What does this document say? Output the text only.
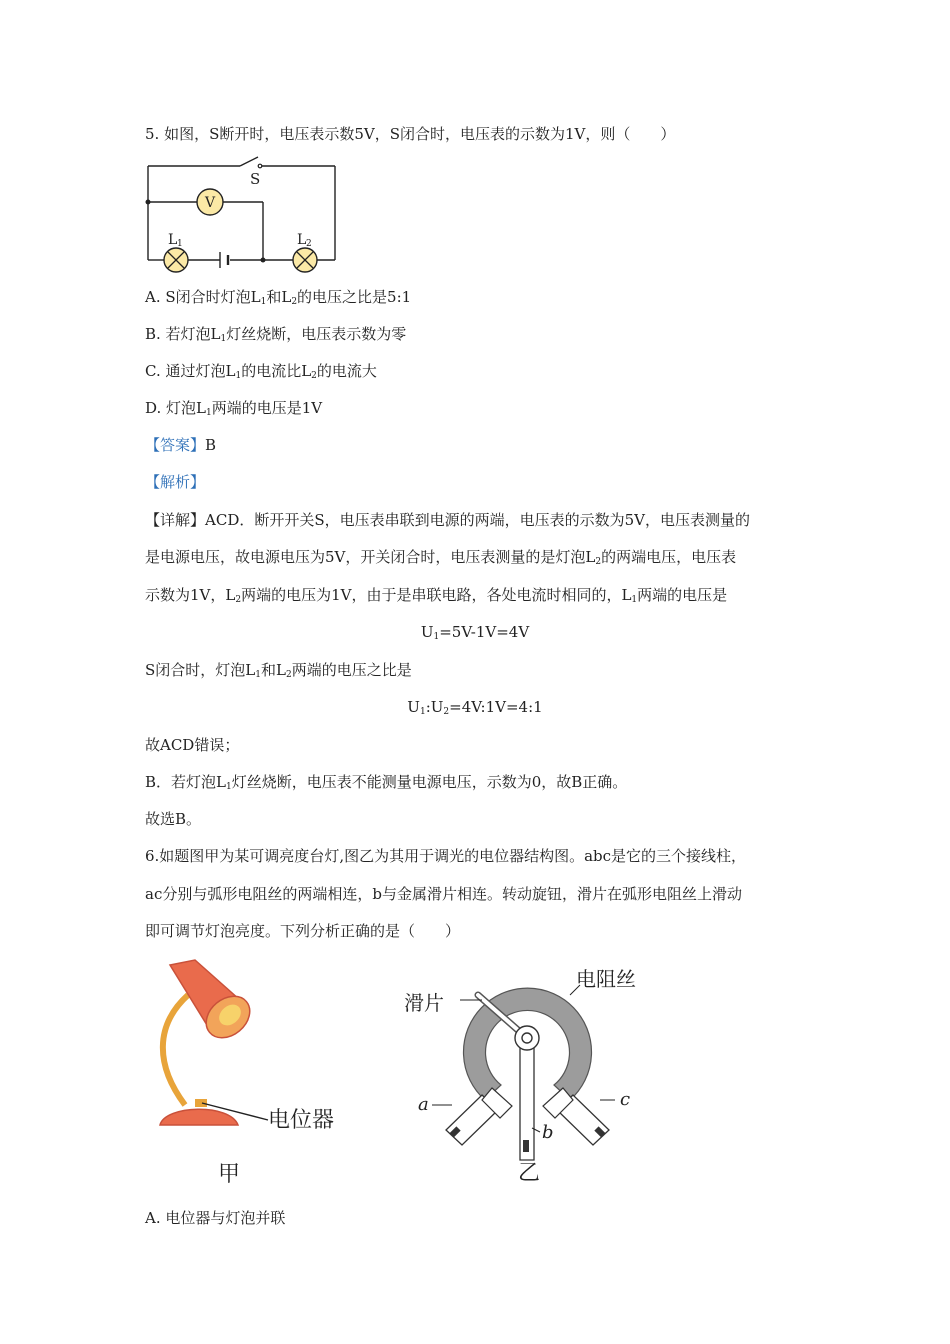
5. 如图，S断开时，电压表示数5V，S闭合时，电压表的示数为1V，则（　　）
V
S
L 1	L 2
A. S闭合时灯泡$L_1$和$L_2$的电压之比是5:1
B. 若灯泡$L_1$灯丝烧断，电压表示数为零
C. 通过灯泡$L_1$的电流比$L_2$的电流大
D. 灯泡$L_1$两端的电压是1V
【答案】B
【解析】
【详解】ACD．断开开关S，电压表串联到电源的两端，电压表的示数为5V，电压表测量的
是电源电压，故电源电压为5V，开关闭合时，电压表测量的是灯泡$L_2$的两端电压，电压表
示数为1V，$L_2$两端的电压为1V，由于是串联电路，各处电流时相同的，$L_1$两端的电压是
$U_1=5V-1V=4V$
S闭合时，灯泡$L_1$和$L_2$两端的电压之比是
$U_1:U_2=4V:1V=4:1$
故ACD错误；
B．若灯泡$L_1$灯丝烧断，电压表不能测量电源电压，示数为0，故B正确。
故选B。
6.如题图甲为某可调亮度台灯,图乙为其用于调光的电位器结构图。abc是它的三个接线柱，
ac分别与弧形电阻丝的两端相连，b与金属滑片相连。转动旋钮，滑片在弧形电阻丝上滑动
即可调节灯泡亮度。下列分析正确的是（　　）
电位器
甲
滑片
电阻丝
a	c
b
乙
A. 电位器与灯泡并联
